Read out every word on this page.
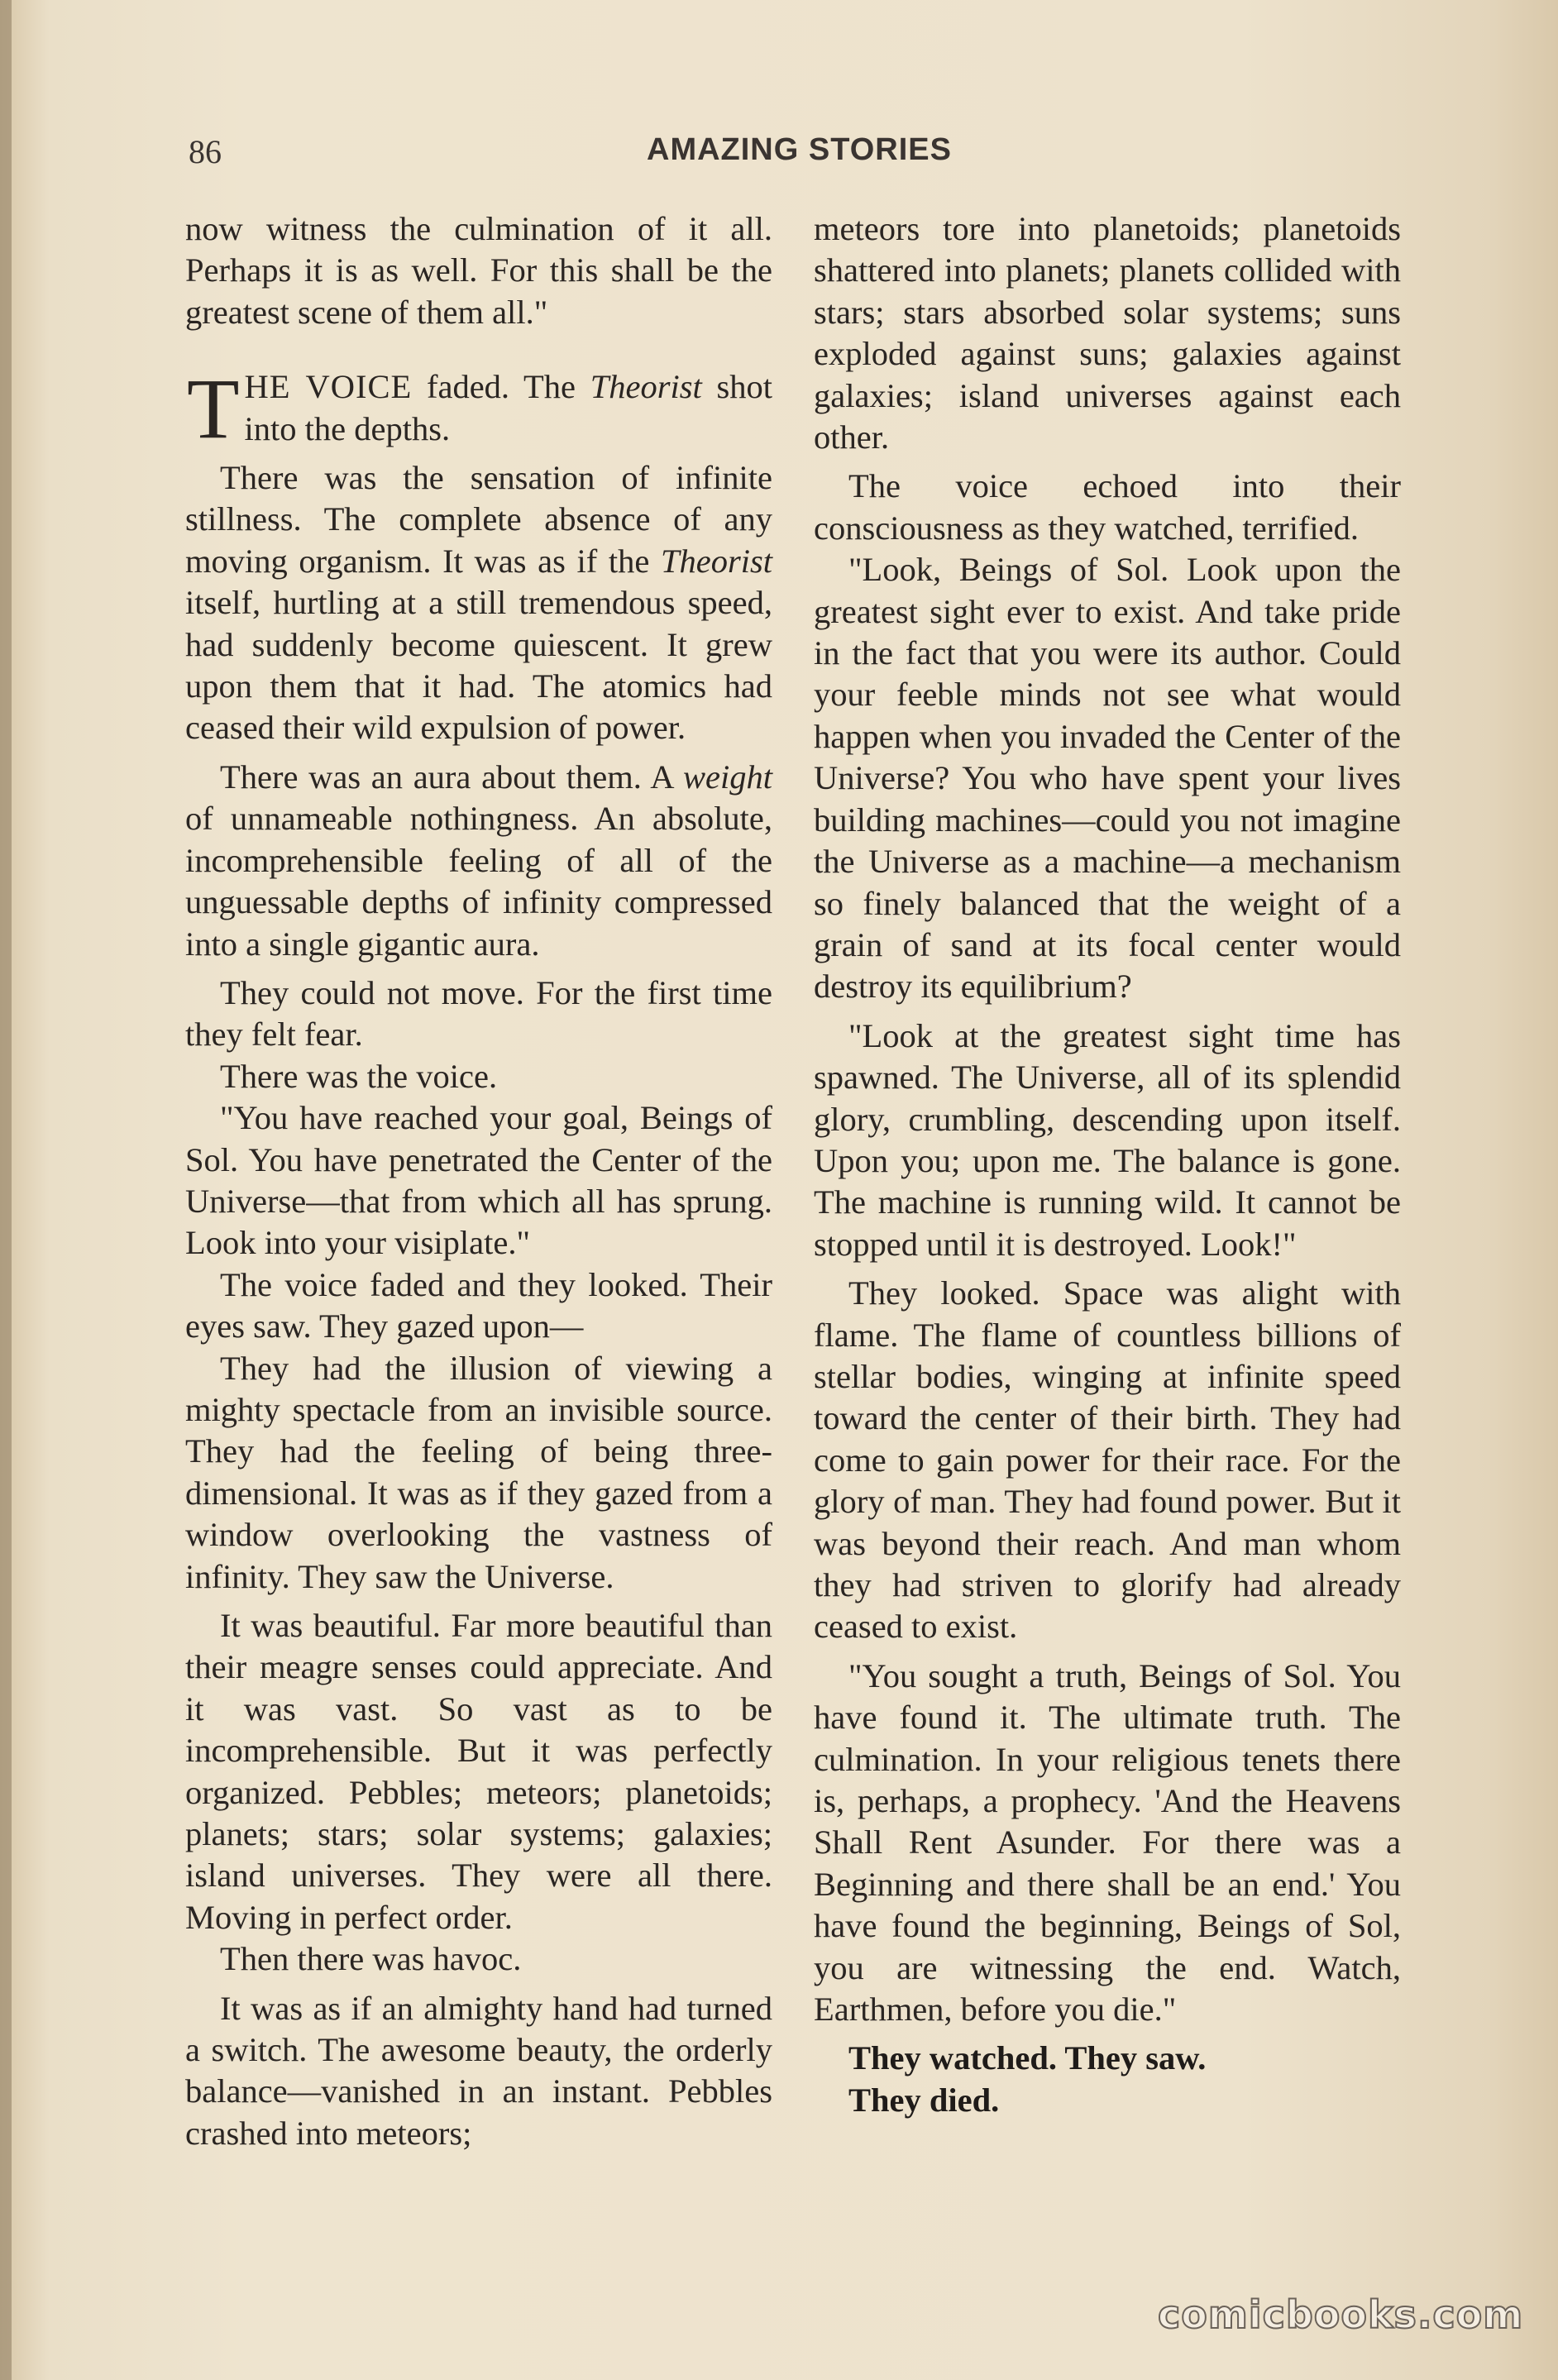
86	AMAZING STORIES

now witness the culmination of it all. Perhaps it is as well. For this shall be the greatest scene of them all."

THE VOICE faded. The Theorist shot into the depths.

There was the sensation of infinite stillness. The complete absence of any moving organism. It was as if the Theorist itself, hurtling at a still tremendous speed, had suddenly become quiescent. It grew upon them that it had. The atomics had ceased their wild expulsion of power.

There was an aura about them. A weight of unnameable nothingness. An absolute, incomprehensible feeling of all of the unguessable depths of infinity compressed into a single gigantic aura.

They could not move. For the first time they felt fear.

There was the voice.

"You have reached your goal, Beings of Sol. You have penetrated the Center of the Universe—that from which all has sprung. Look into your visiplate."

The voice faded and they looked. Their eyes saw. They gazed upon—

They had the illusion of viewing a mighty spectacle from an invisible source. They had the feeling of being three-dimensional. It was as if they gazed from a window overlooking the vastness of infinity. They saw the Universe.

It was beautiful. Far more beautiful than their meagre senses could appreciate. And it was vast. So vast as to be incomprehensible. But it was perfectly organized. Pebbles; meteors; planetoids; planets; stars; solar systems; galaxies; island universes. They were all there. Moving in perfect order.

Then there was havoc.

It was as if an almighty hand had turned a switch. The awesome beauty, the orderly balance—vanished in an instant. Pebbles crashed into meteors;

meteors tore into planetoids; planetoids shattered into planets; planets collided with stars; stars absorbed solar systems; suns exploded against suns; galaxies against galaxies; island universes against each other.

The voice echoed into their consciousness as they watched, terrified.

"Look, Beings of Sol. Look upon the greatest sight ever to exist. And take pride in the fact that you were its author. Could your feeble minds not see what would happen when you invaded the Center of the Universe? You who have spent your lives building machines—could you not imagine the Universe as a machine—a mechanism so finely balanced that the weight of a grain of sand at its focal center would destroy its equilibrium?

"Look at the greatest sight time has spawned. The Universe, all of its splendid glory, crumbling, descending upon itself. Upon you; upon me. The balance is gone. The machine is running wild. It cannot be stopped until it is destroyed. Look!"

They looked. Space was alight with flame. The flame of countless billions of stellar bodies, winging at infinite speed toward the center of their birth. They had come to gain power for their race. For the glory of man. They had found power. But it was beyond their reach. And man whom they had striven to glorify had already ceased to exist.

"You sought a truth, Beings of Sol. You have found it. The ultimate truth. The culmination. In your religious tenets there is, perhaps, a prophecy. 'And the Heavens Shall Rent Asunder. For there was a Beginning and there shall be an end.' You have found the beginning, Beings of Sol, you are witnessing the end. Watch, Earthmen, before you die."

They watched. They saw.

They died.

comicbooks.com
